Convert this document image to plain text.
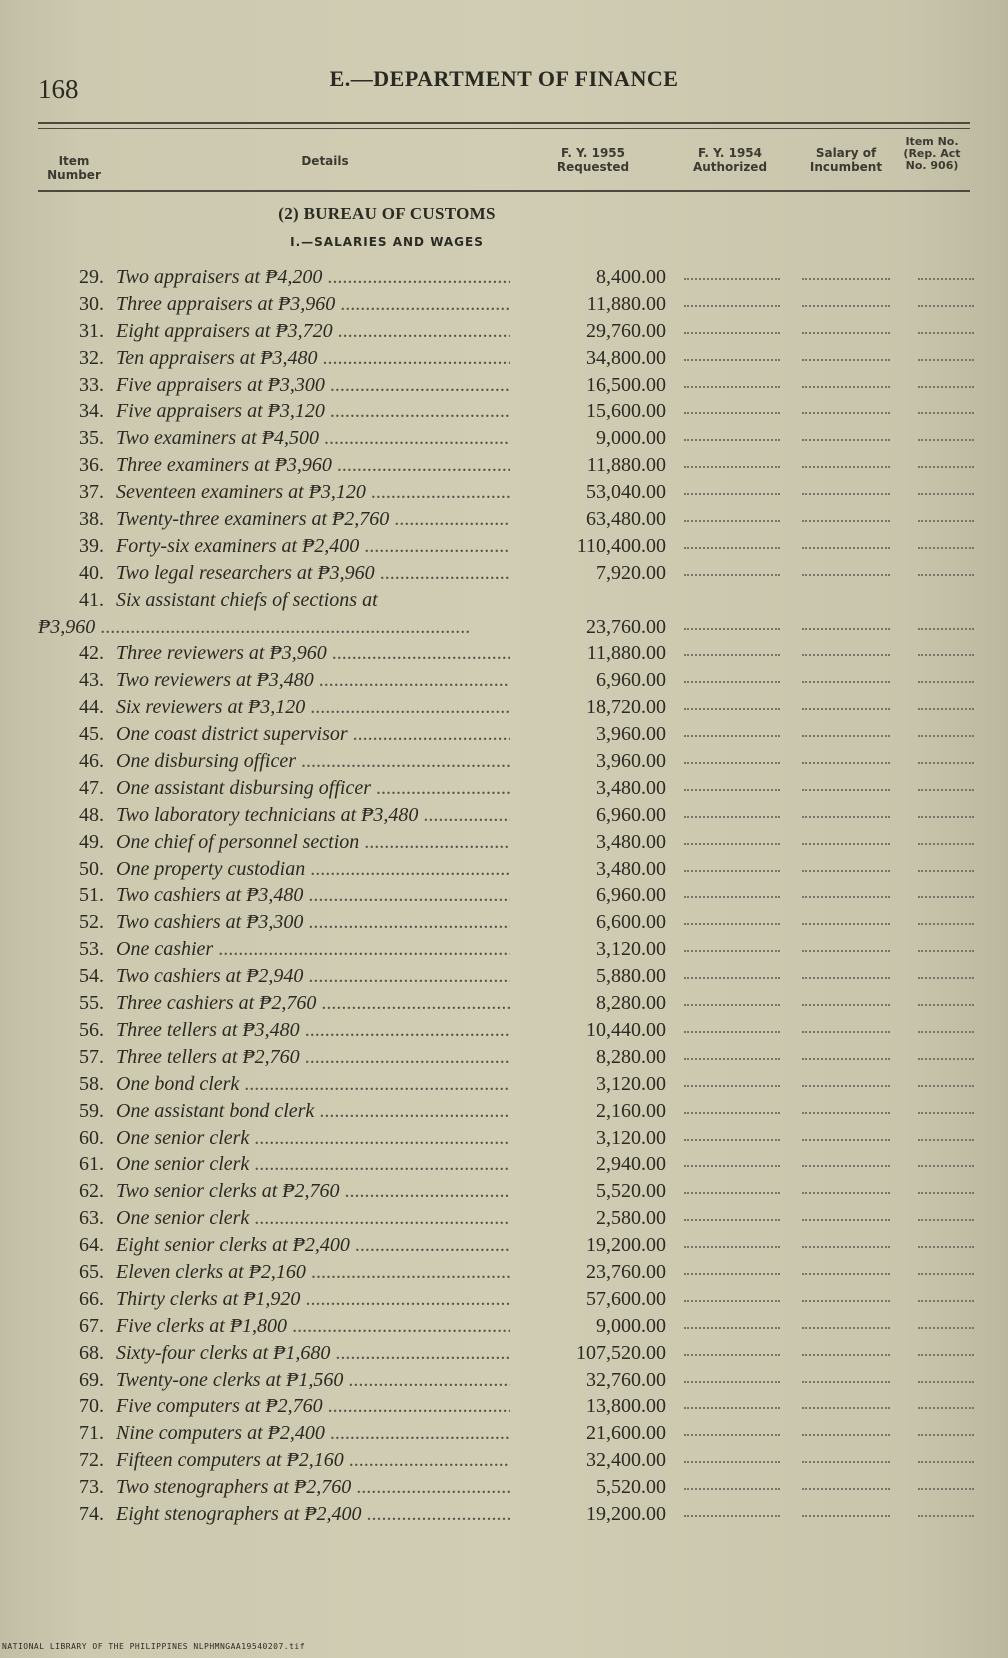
168	E.—DEPARTMENT OF FINANCE
Item Number
Details
F. Y. 1955 Requested
F. Y. 1954 Authorized
Salary of Incumbent
Item No. (Rep. Act No. 906)
(2) BUREAU OF CUSTOMS
I.—SALARIES AND WAGES
29. Two appraisers at ₱4,200 .....	8,400.00
30. Three appraisers at ₱3,960 .....	11,880.00
31. Eight appraisers at ₱3,720 .....	29,760.00
32. Ten appraisers at ₱3,480 .....	34,800.00
33. Five appraisers at ₱3,300 .....	16,500.00
34. Five appraisers at ₱3,120 .....	15,600.00
35. Two examiners at ₱4,500 .....	9,000.00
36. Three examiners at ₱3,960 .....	11,880.00
37. Seventeen examiners at ₱3,120 .....	53,040.00
38. Twenty-three examiners at ₱2,760 .....	63,480.00
39. Forty-six examiners at ₱2,400 .....	110,400.00
40. Two legal researchers at ₱3,960 .....	7,920.00
41. Six assistant chiefs of sections at
₱3,960 .....	23,760.00
42. Three reviewers at ₱3,960 .....	11,880.00
43. Two reviewers at ₱3,480 .....	6,960.00
44. Six reviewers at ₱3,120 .....	18,720.00
45. One coast district supervisor .....	3,960.00
46. One disbursing officer .....	3,960.00
47. One assistant disbursing officer .....	3,480.00
48. Two laboratory technicians at ₱3,480 .....	6,960.00
49. One chief of personnel section .....	3,480.00
50. One property custodian .....	3,480.00
51. Two cashiers at ₱3,480 .....	6,960.00
52. Two cashiers at ₱3,300 .....	6,600.00
53. One cashier .....	3,120.00
54. Two cashiers at ₱2,940 .....	5,880.00
55. Three cashiers at ₱2,760 .....	8,280.00
56. Three tellers at ₱3,480 .....	10,440.00
57. Three tellers at ₱2,760 .....	8,280.00
58. One bond clerk .....	3,120.00
59. One assistant bond clerk .....	2,160.00
60. One senior clerk .....	3,120.00
61. One senior clerk .....	2,940.00
62. Two senior clerks at ₱2,760 .....	5,520.00
63. One senior clerk .....	2,580.00
64. Eight senior clerks at ₱2,400 .....	19,200.00
65. Eleven clerks at ₱2,160 .....	23,760.00
66. Thirty clerks at ₱1,920 .....	57,600.00
67. Five clerks at ₱1,800 .....	9,000.00
68. Sixty-four clerks at ₱1,680 .....	107,520.00
69. Twenty-one clerks at ₱1,560 .....	32,760.00
70. Five computers at ₱2,760 .....	13,800.00
71. Nine computers at ₱2,400 .....	21,600.00
72. Fifteen computers at ₱2,160 .....	32,400.00
73. Two stenographers at ₱2,760 .....	5,520.00
74. Eight stenographers at ₱2,400 .....	19,200.00
NATIONAL LIBRARY OF THE PHILIPPINES NLPHMNGAA19540207.tif
